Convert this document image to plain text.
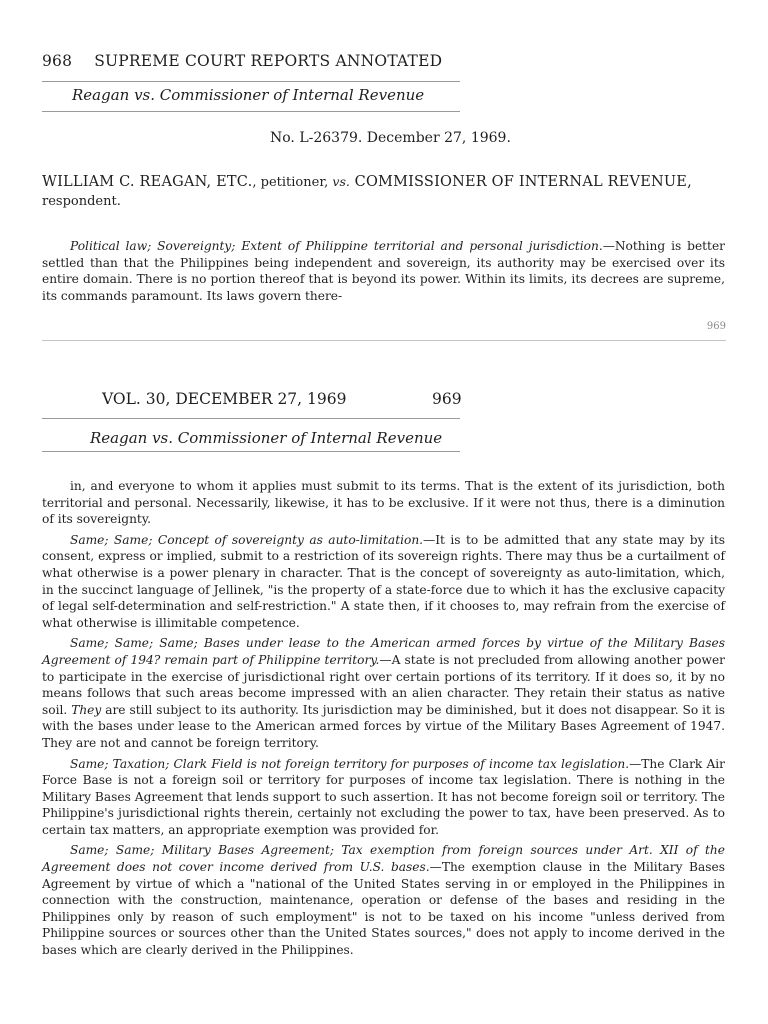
968 SUPREME COURT REPORTS ANNOTATED
Reagan vs. Commissioner of Internal Revenue
No. L-26379. December 27, 1969.
WILLIAM C. REAGAN, ETC., petitioner, vs. COMMISSIONER OF INTERNAL REVENUE, respondent.

Political law; Sovereignty; Extent of Philippine territorial and personal jurisdiction.—Nothing is better settled than that the Philippines being independent and sovereign, its authority may be exercised over its entire domain. There is no portion thereof that is beyond its power. Within its limits, its decrees are supreme, its commands paramount. Its laws govern there-

969
VOL. 30, DECEMBER 27, 1969	969
Reagan vs. Commissioner of Internal Revenue

in, and everyone to whom it applies must submit to its terms. That is the extent of its jurisdiction, both territorial and personal. Necessarily, likewise, it has to be exclusive. If it were not thus, there is a diminution of its sovereignty.

Same; Same; Concept of sovereignty as auto-limitation.—It is to be admitted that any state may by its consent, express or implied, submit to a restriction of its sovereign rights. There may thus be a curtailment of what otherwise is a power plenary in character. That is the concept of sovereignty as auto-limitation, which, in the succinct language of Jellinek, "is the property of a state-force due to which it has the exclusive capacity of legal self-determination and self-restriction." A state then, if it chooses to, may refrain from the exercise of what otherwise is illimitable competence.

Same; Same; Same; Bases under lease to the American armed forces by virtue of the Military Bases Agreement of 194? remain part of Philippine territory.—A state is not precluded from allowing another power to participate in the exercise of jurisdictional right over certain portions of its territory. If it does so, it by no means follows that such areas become impressed with an alien character. They retain their status as native soil. They are still subject to its authority. Its jurisdiction may be diminished, but it does not disappear. So it is with the bases under lease to the American armed forces by virtue of the Military Bases Agreement of 1947. They are not and cannot be foreign territory.

Same; Taxation; Clark Field is not foreign territory for purposes of income tax legislation.—The Clark Air Force Base is not a foreign soil or territory for purposes of income tax legislation. There is nothing in the Military Bases Agreement that lends support to such assertion. It has not become foreign soil or territory. The Philippine's jurisdictional rights therein, certainly not excluding the power to tax, have been preserved. As to certain tax matters, an appropriate exemption was provided for.

Same; Same; Military Bases Agreement; Tax exemption from foreign sources under Art. XII of the Agreement does not cover income derived from U.S. bases.—The exemption clause in the Military Bases Agreement by virtue of which a "national of the United States serving in or employed in the Philippines in connection with the construction, maintenance, operation or defense of the bases and residing in the Philippines only by reason of such employment" is not to be taxed on his income "unless derived from Philippine sources or sources other than the United States sources," does not apply to income derived in the bases which are clearly derived in the Philippines.
